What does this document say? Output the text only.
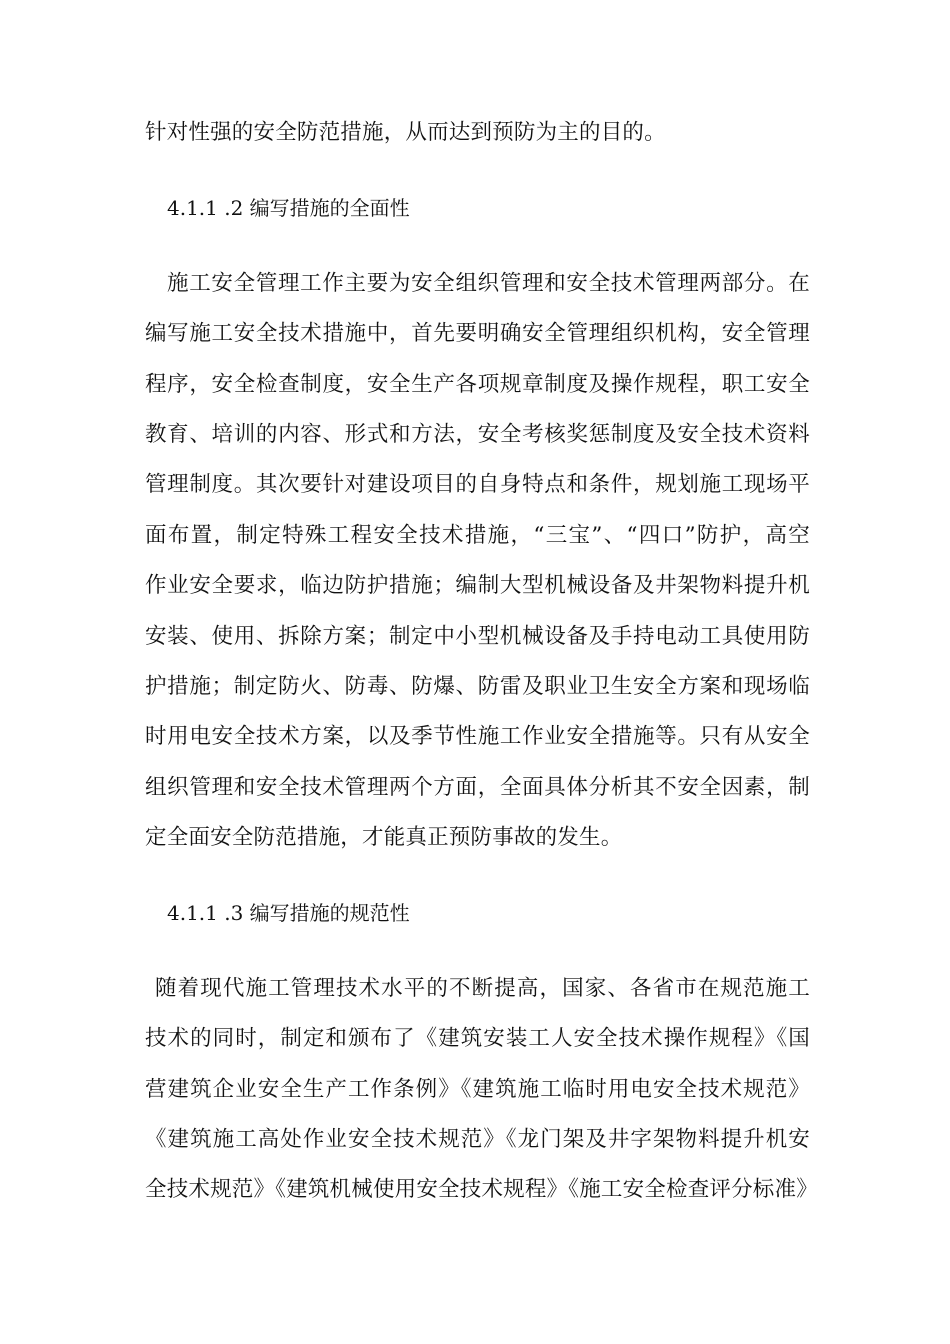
针对性强的安全防范措施，从而达到预防为主的目的。
4.1.1 .2 编写措施的全面性
施工安全管理工作主要为安全组织管理和安全技术管理两部分。在
编写施工安全技术措施中，首先要明确安全管理组织机构，安全管理
程序，安全检查制度，安全生产各项规章制度及操作规程，职工安全
教育、培训的内容、形式和方法，安全考核奖惩制度及安全技术资料
管理制度。其次要针对建设项目的自身特点和条件，规划施工现场平
面布置，制定特殊工程安全技术措施，“三宝”、“四口”防护，高空
作业安全要求，临边防护措施；编制大型机械设备及井架物料提升机
安装、使用、拆除方案；制定中小型机械设备及手持电动工具使用防
护措施；制定防火、防毒、防爆、防雷及职业卫生安全方案和现场临
时用电安全技术方案，以及季节性施工作业安全措施等。只有从安全
组织管理和安全技术管理两个方面，全面具体分析其不安全因素，制
定全面安全防范措施，才能真正预防事故的发生。
4.1.1 .3 编写措施的规范性
随着现代施工管理技术水平的不断提高，国家、各省市在规范施工
技术的同时，制定和颁布了《建筑安装工人安全技术操作规程》《国
营建筑企业安全生产工作条例》《建筑施工临时用电安全技术规范》
《建筑施工高处作业安全技术规范》《龙门架及井字架物料提升机安
全技术规范》《建筑机械使用安全技术规程》《施工安全检查评分标准》
